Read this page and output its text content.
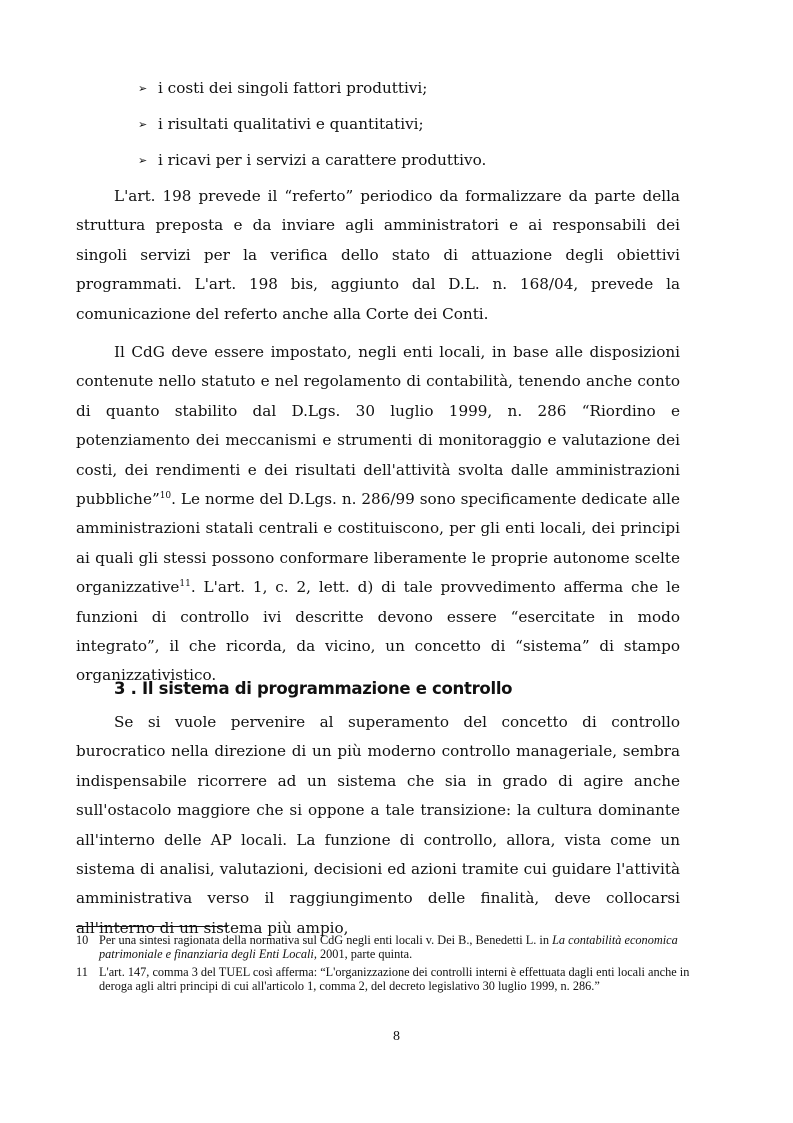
➢ i costi dei singoli fattori produttivi;
➢ i risultati qualitativi e quantitativi;
➢ i ricavi per i servizi a carattere produttivo.

L'art. 198 prevede il “referto” periodico da formalizzare da parte della struttura preposta e da inviare agli amministratori e ai responsabili dei singoli servizi per la verifica dello stato di attuazione degli obiettivi programmati. L'art. 198 bis, aggiunto dal D.L. n. 168/04, prevede la comunicazione del referto anche alla Corte dei Conti.

Il CdG deve essere impostato, negli enti locali, in base alle disposizioni contenute nello statuto e nel regolamento di contabilità, tenendo anche conto di quanto stabilito dal D.Lgs. 30 luglio 1999, n. 286 “Riordino e potenziamento dei meccanismi e strumenti di monitoraggio e valutazione dei costi, dei rendimenti e dei risultati dell'attività svolta dalle amministrazioni pubbliche”$^{10}$. Le norme del D.Lgs. n. 286/99 sono specificamente dedicate alle amministrazioni statali centrali e costituiscono, per gli enti locali, dei principi ai quali gli stessi possono conformare liberamente le proprie autonome scelte organizzative$^{11}$. L'art. 1, c. 2, lett. d) di tale provvedimento afferma che le funzioni di controllo ivi descritte devono essere “esercitate in modo integrato”, il che ricorda, da vicino, un concetto di “sistema” di stampo organizzativistico.

3 . Il sistema di programmazione e controllo

Se si vuole pervenire al superamento del concetto di controllo burocratico nella direzione di un più moderno controllo manageriale, sembra indispensabile ricorrere ad un sistema che sia in grado di agire anche sull'ostacolo maggiore che si oppone a tale transizione: la cultura dominante all'interno delle AP locali. La funzione di controllo, allora, vista come un sistema di analisi, valutazioni, decisioni ed azioni tramite cui guidare l'attività amministrativa verso il raggiungimento delle finalità, deve collocarsi all'interno di un sistema più ampio,

10 Per una sintesi ragionata della normativa sul CdG negli enti locali v. Dei B., Benedetti L. in La contabilità economica patrimoniale e finanziaria degli Enti Locali, 2001, parte quinta.
11 L'art. 147, comma 3 del TUEL così afferma: “L'organizzazione dei controlli interni è effettuata dagli enti locali anche in deroga agli altri principi di cui all'articolo 1, comma 2, del decreto legislativo 30 luglio 1999, n. 286.”
8
